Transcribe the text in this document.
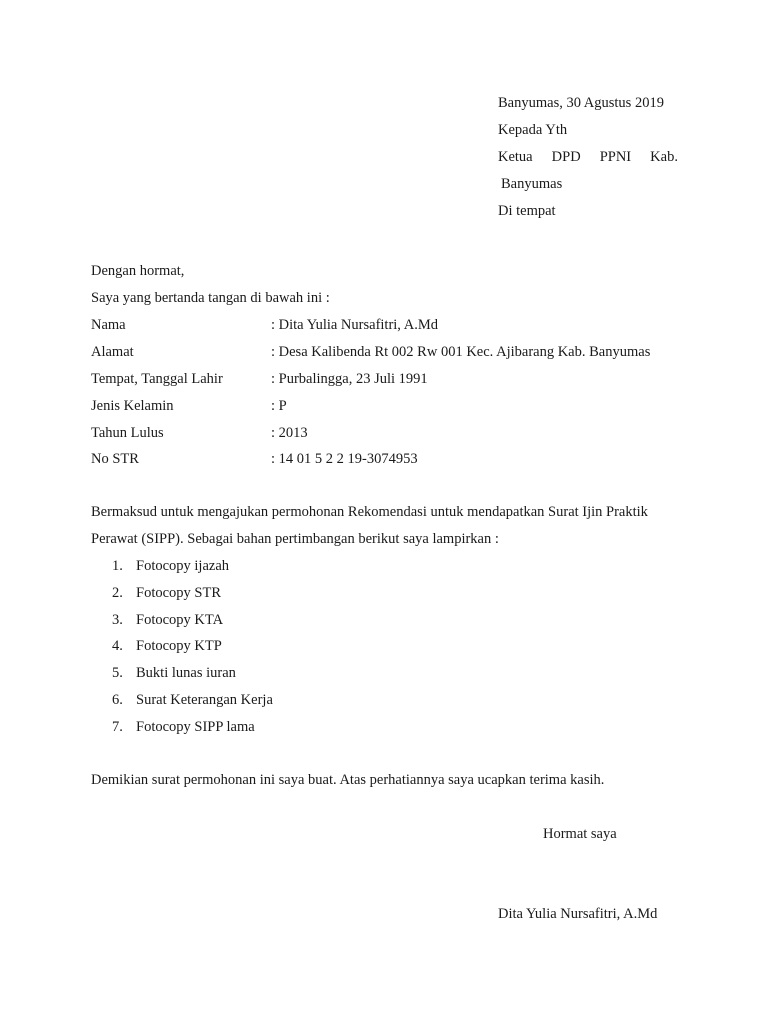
Banyumas, 30 Agustus 2019
Kepada Yth
Ketua DPD PPNI Kab.
Banyumas
Di tempat
Dengan hormat,
Saya yang bertanda tangan di bawah ini :
Nama	: Dita Yulia Nursafitri, A.Md
Alamat	: Desa Kalibenda Rt 002 Rw 001 Kec. Ajibarang Kab. Banyumas
Tempat, Tanggal Lahir	: Purbalingga, 23 Juli 1991
Jenis Kelamin	: P
Tahun Lulus	: 2013
No STR	: 14 01 5 2 2 19-3074953
Bermaksud untuk mengajukan permohonan Rekomendasi untuk mendapatkan Surat Ijin Praktik
Perawat (SIPP). Sebagai bahan pertimbangan berikut saya lampirkan :
1. Fotocopy ijazah
2. Fotocopy STR
3. Fotocopy KTA
4. Fotocopy KTP
5. Bukti lunas iuran
6. Surat Keterangan Kerja
7. Fotocopy SIPP lama
Demikian surat permohonan ini saya buat. Atas perhatiannya saya ucapkan terima kasih.
Hormat saya
Dita Yulia Nursafitri, A.Md
